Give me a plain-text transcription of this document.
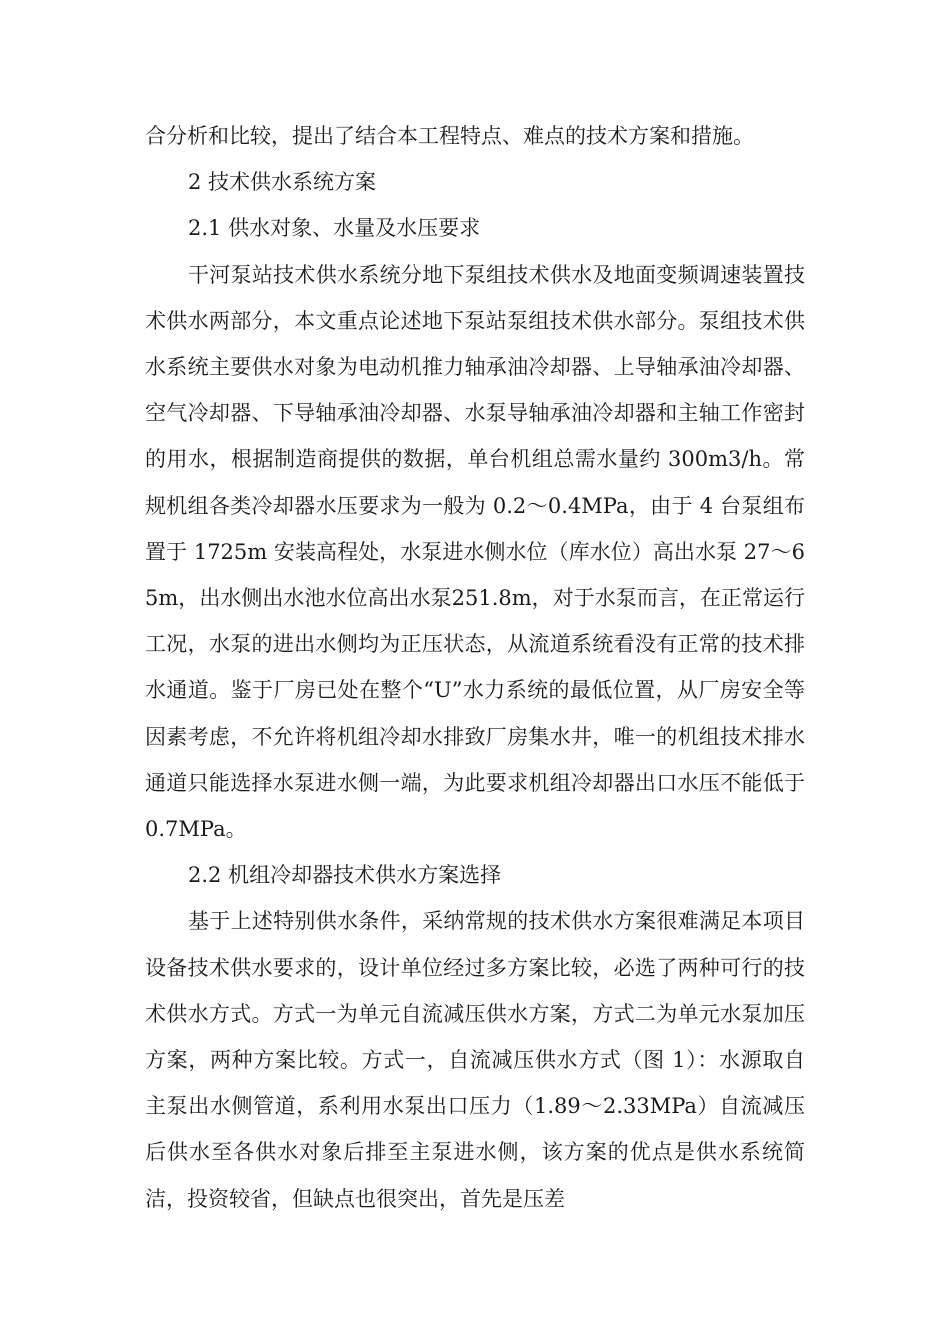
合分析和比较，提出了结合本工程特点、难点的技术方案和措施。

2 技术供水系统方案

2.1 供水对象、水量及水压要求

干河泵站技术供水系统分地下泵组技术供水及地面变频调速装置技术供水两部分，本文重点论述地下泵站泵组技术供水部分。泵组技术供水系统主要供水对象为电动机推力轴承油冷却器、上导轴承油冷却器、空气冷却器、下导轴承油冷却器、水泵导轴承油冷却器和主轴工作密封的用水，根据制造商提供的数据，单台机组总需水量约 300m3/h。常规机组各类冷却器水压要求为一般为 0.2～0.4MPa，由于 4 台泵组布置于 1725m 安装高程处，水泵进水侧水位（库水位）高出水泵 27～65m，出水侧出水池水位高出水泵251.8m，对于水泵而言，在正常运行工况，水泵的进出水侧均为正压状态，从流道系统看没有正常的技术排水通道。鉴于厂房已处在整个“U”水力系统的最低位置，从厂房安全等因素考虑，不允许将机组冷却水排致厂房集水井，唯一的机组技术排水通道只能选择水泵进水侧一端，为此要求机组冷却器出口水压不能低于 0.7MPa。

2.2 机组冷却器技术供水方案选择

基于上述特别供水条件，采纳常规的技术供水方案很难满足本项目设备技术供水要求的，设计单位经过多方案比较，必选了两种可行的技术供水方式。方式一为单元自流减压供水方案，方式二为单元水泵加压方案，两种方案比较。方式一，自流减压供水方式（图 1）：水源取自主泵出水侧管道，系利用水泵出口压力（1.89～2.33MPa）自流减压后供水至各供水对象后排至主泵进水侧，该方案的优点是供水系统简洁，投资较省，但缺点也很突出，首先是压差
